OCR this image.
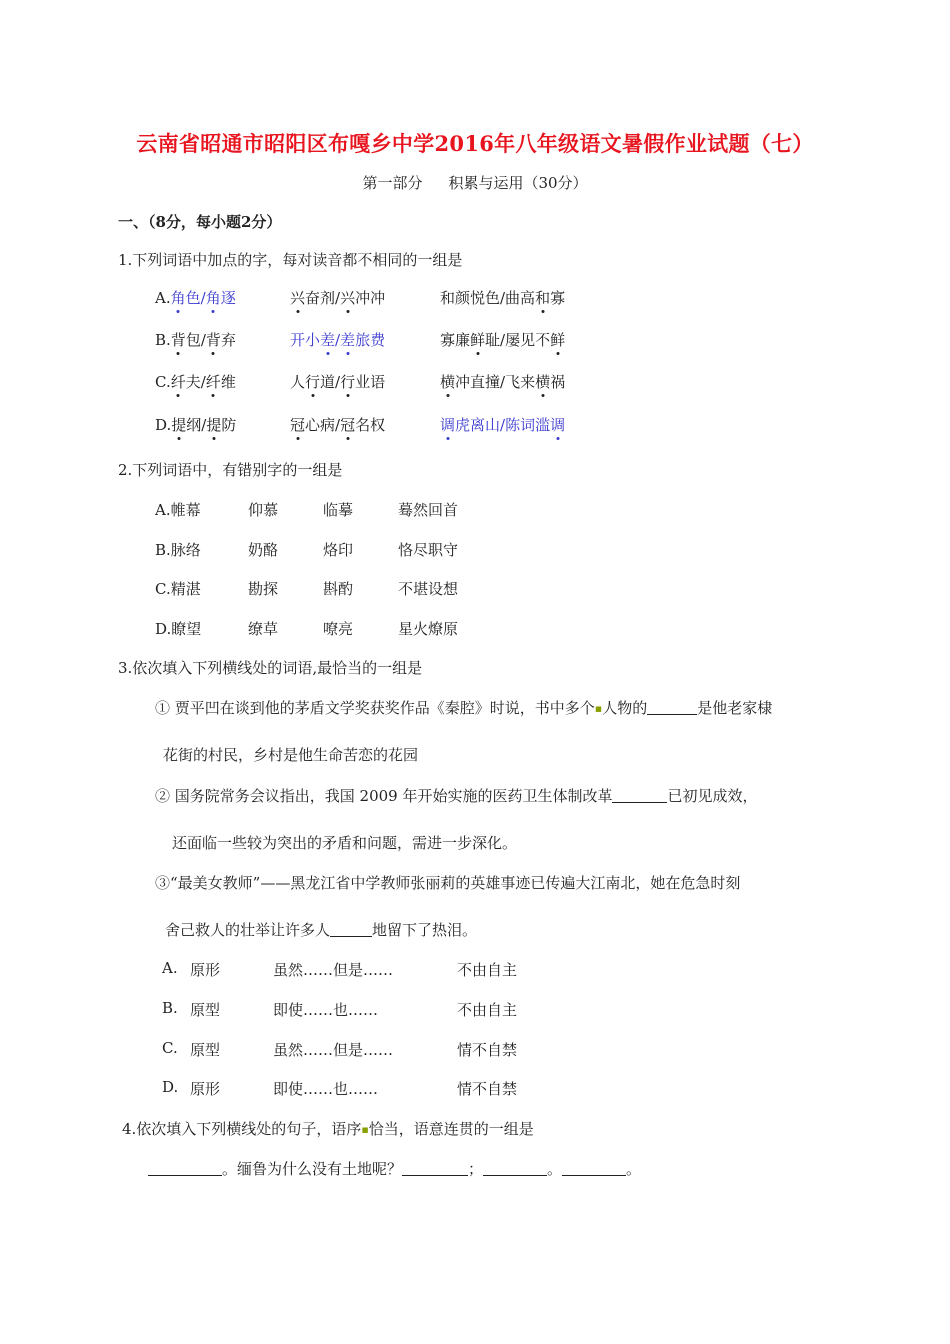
云南省昭通市昭阳区布嘎乡中学2016年八年级语文暑假作业试题（七）
第一部分 积累与运用（30分）
一、（8分，每小题2分）
1.下列词语中加点的字，每对读音都不相同的一组是
A.角色/角逐	兴奋剂/兴冲冲	和颜悦色/曲高和寡
B.背包/背弃	开小差/差旅费	寡廉鲜耻/屡见不鲜
C.纤夫/纤维	人行道/行业语	横冲直撞/飞来横祸
D.提纲/提防	冠心病/冠名权	调虎离山/陈词滥调
2.下列词语中，有错别字的一组是
A.帷幕	仰慕	临摹	蓦然回首
B.脉络	奶酪	烙印	恪尽职守
C.精湛	勘探	斟酌	不堪设想
D.瞭望	缭草	嘹亮	星火燎原
3.依次填入下列横线处的词语,最恰当的一组是
① 贾平凹在谈到他的茅盾文学奖获奖作品《秦腔》时说，书中多个▪人物的	是他老家棣
花街的村民，乡村是他生命苦恋的花园
② 国务院常务会议指出，我国 2009 年开始实施的医药卫生体制改革	已初见成效，
还面临一些较为突出的矛盾和问题，需进一步深化。
③“最美女教师”——黑龙江省中学教师张丽莉的英雄事迹已传遍大江南北，她在危急时刻
舍己救人的壮举让许多人	地留下了热泪。
A. 原形	虽然……但是……	不由自主
B. 原型	即使……也……	不由自主
C. 原型	虽然……但是……	情不自禁
D. 原形	即使……也……	情不自禁
4.依次填入下列横线处的句子，语序▪恰当，语意连贯的一组是
。缅鲁为什么没有土地呢？	；	。	。
